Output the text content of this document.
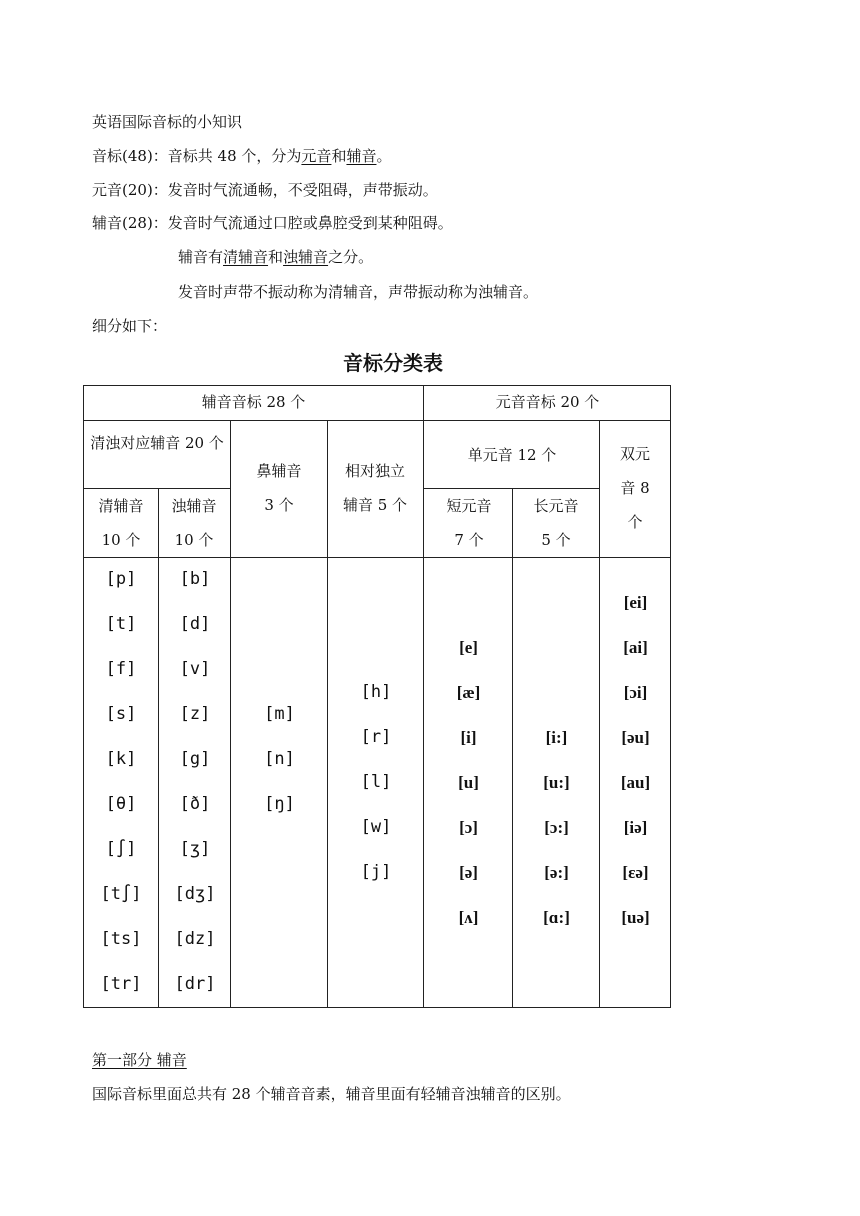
英语国际音标的小知识
音标(48)：音标共 48 个，分为元音和辅音。
元音(20)：发音时气流通畅，不受阻碍，声带振动。
辅音(28)：发音时气流通过口腔或鼻腔受到某种阻碍。
辅音有清辅音和浊辅音之分。
发音时声带不振动称为清辅音，声带振动称为浊辅音。
细分如下：
音标分类表
辅音音标 28 个	元音音标 20 个
清浊对应辅音 20 个
鼻辅音 3 个
相对独立辅音 5 个
单元音 12 个	双元音 8 个
清辅音 10 个
浊辅音 10 个
短元音 7 个
长元音 5 个
[p]
[t]
[f]
[s]
[k]
[θ]
[∫]
[t∫]
[ts]
[tr]
[b]
[d]
[v]
[z]
[g]
[ð]
[ʒ]
[dʒ]
[dz]
[dr]
[m]
[n]
[ŋ]
[h]
[r]
[l]
[w]
[j]
[e]
[æ]
[i]
[u]
[ɔ]
[ə]
[ʌ]
[i:]
[u:]
[ɔ:]
[ə:]
[ɑ:]
[ei]
[ai]
[ɔi]
[əu]
[au]
[iə]
[εə]
[uə]
第一部分 辅音
国际音标里面总共有 28 个辅音音素，辅音里面有轻辅音浊辅音的区别。
